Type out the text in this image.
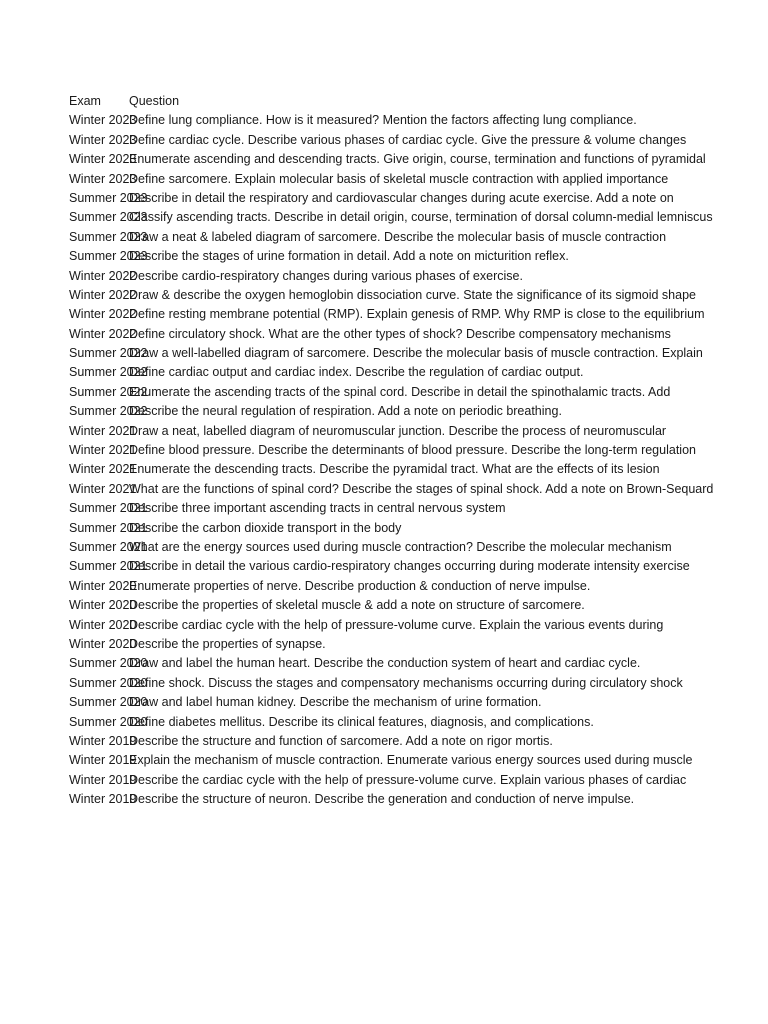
Exam	Question
Winter 2023
Define lung compliance. How is it measured? Mention the factors affecting lung compliance.
Winter 2023
Define cardiac cycle. Describe various phases of cardiac cycle. Give the pressure & volume changes
Winter 2023
Enumerate ascending and descending tracts. Give origin, course, termination and functions of pyramidal
Winter 2023
Define sarcomere. Explain molecular basis of skeletal muscle contraction with applied importance
Summer 2023
Describe in detail the respiratory and cardiovascular changes during acute exercise. Add a note on
Summer 2023
Classify ascending tracts. Describe in detail origin, course, termination of dorsal column-medial lemniscus
Summer 2023
Draw a neat & labeled diagram of sarcomere. Describe the molecular basis of muscle contraction
Summer 2023
Describe the stages of urine formation in detail. Add a note on micturition reflex.
Winter 2022
Describe cardio-respiratory changes during various phases of exercise.
Winter 2022
Draw & describe the oxygen hemoglobin dissociation curve. State the significance of its sigmoid shape
Winter 2022
Define resting membrane potential (RMP). Explain genesis of RMP. Why RMP is close to the equilibrium
Winter 2022
Define circulatory shock. What are the other types of shock? Describe compensatory mechanisms
Summer 2022
Draw a well-labelled diagram of sarcomere. Describe the molecular basis of muscle contraction. Explain
Summer 2022
Define cardiac output and cardiac index. Describe the regulation of cardiac output.
Summer 2022
Enumerate the ascending tracts of the spinal cord. Describe in detail the spinothalamic tracts. Add
Summer 2022
Describe the neural regulation of respiration. Add a note on periodic breathing.
Winter 2021
Draw a neat, labelled diagram of neuromuscular junction. Describe the process of neuromuscular
Winter 2021
Define blood pressure. Describe the determinants of blood pressure. Describe the long-term regulation
Winter 2021
Enumerate the descending tracts. Describe the pyramidal tract. What are the effects of its lesion
Winter 2021
What are the functions of spinal cord? Describe the stages of spinal shock. Add a note on Brown-Sequard
Summer 2021
Describe three important ascending tracts in central nervous system
Summer 2021
Describe the carbon dioxide transport in the body
Summer 2021
What are the energy sources used during muscle contraction? Describe the molecular mechanism
Summer 2021
Describe in detail the various cardio-respiratory changes occurring during moderate intensity exercise
Winter 2020
Enumerate properties of nerve. Describe production & conduction of nerve impulse.
Winter 2020
Describe the properties of skeletal muscle & add a note on structure of sarcomere.
Winter 2020
Describe cardiac cycle with the help of pressure-volume curve. Explain the various events during
Winter 2020
Describe the properties of synapse.
Summer 2020
Draw and label the human heart. Describe the conduction system of heart and cardiac cycle.
Summer 2020
Define shock. Discuss the stages and compensatory mechanisms occurring during circulatory shock
Summer 2020
Draw and label human kidney. Describe the mechanism of urine formation.
Summer 2020
Define diabetes mellitus. Describe its clinical features, diagnosis, and complications.
Winter 2019
Describe the structure and function of sarcomere. Add a note on rigor mortis.
Winter 2019
Explain the mechanism of muscle contraction. Enumerate various energy sources used during muscle
Winter 2019
Describe the cardiac cycle with the help of pressure-volume curve. Explain various phases of cardiac
Winter 2019
Describe the structure of neuron. Describe the generation and conduction of nerve impulse.
